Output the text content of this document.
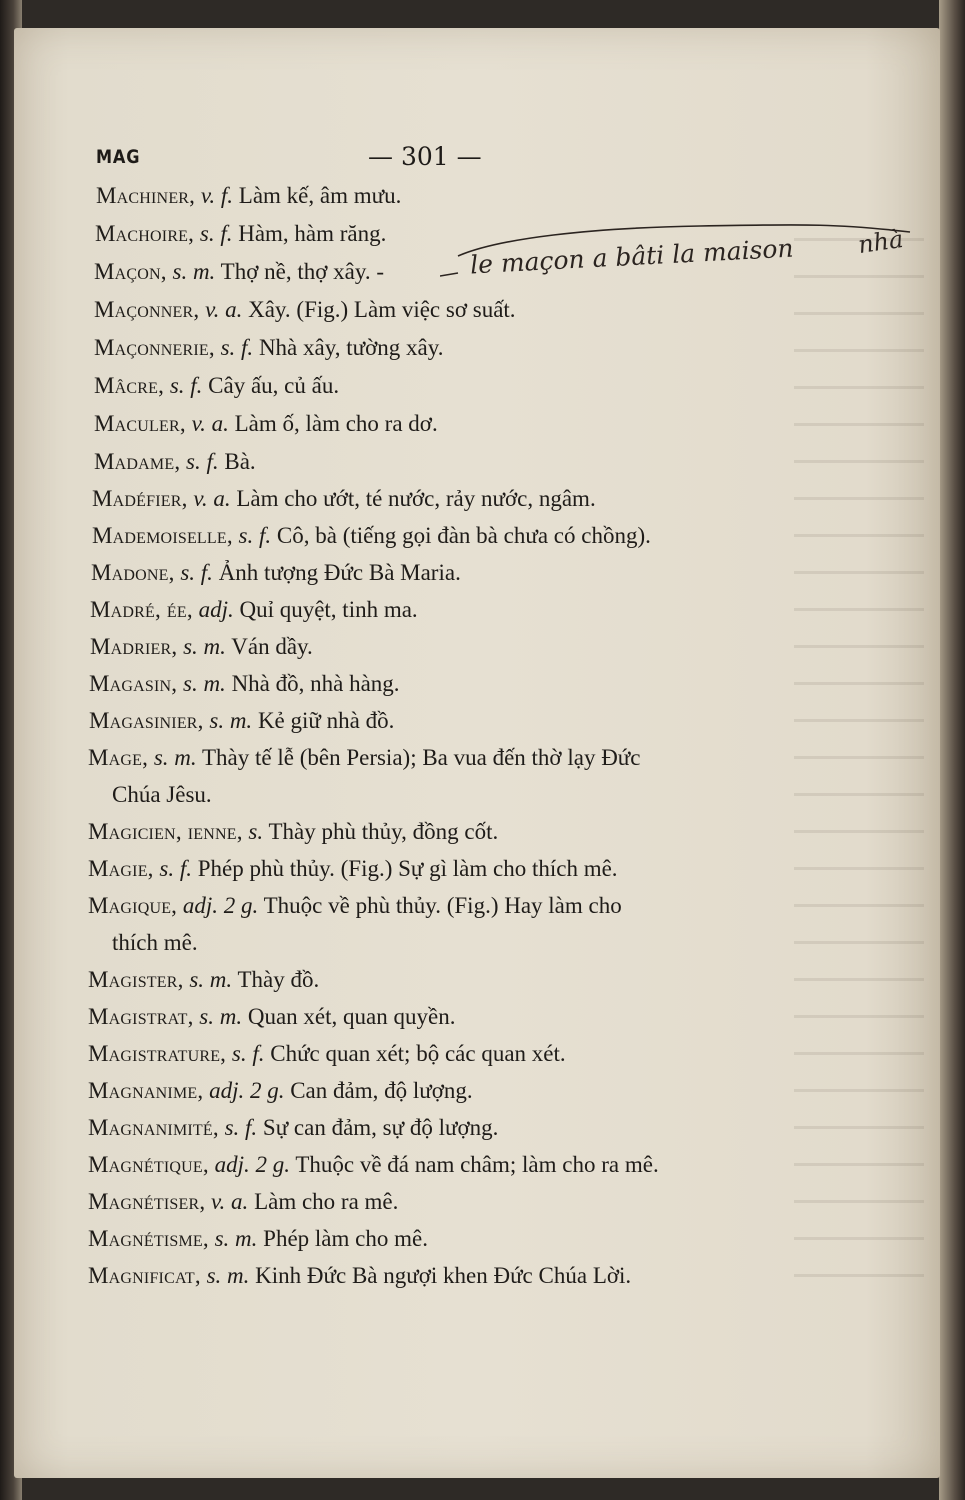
MAG	— 301 —
le maçon a bâti la maison	nhà
Machiner, v. f. Làm kế, âm mưu.
Machoire, s. f. Hàm, hàm răng.
Maçon, s. m. Thợ nề, thợ xây. -
Maçonner, v. a. Xây. (Fig.) Làm việc sơ suất.
Maçonnerie, s. f. Nhà xây, tường xây.
Mâcre, s. f. Cây ấu, củ ấu.
Maculer, v. a. Làm ố, làm cho ra dơ.
Madame, s. f. Bà.
Madéfier, v. a. Làm cho ướt, té nước, rảy nước, ngâm.
Mademoiselle, s. f. Cô, bà (tiếng gọi đàn bà chưa có chồng).
Madone, s. f. Ảnh tượng Đức Bà Maria.
Madré, ée, adj. Quỉ quyệt, tinh ma.
Madrier, s. m. Ván dầy.
Magasin, s. m. Nhà đồ, nhà hàng.
Magasinier, s. m. Kẻ giữ nhà đồ.
Mage, s. m. Thày tế lễ (bên Persia); Ba vua đến thờ lạy Đức
Chúa Jêsu.
Magicien, ienne, s. Thày phù thủy, đồng cốt.
Magie, s. f. Phép phù thủy. (Fig.) Sự gì làm cho thích mê.
Magique, adj. 2 g. Thuộc về phù thủy. (Fig.) Hay làm cho
thích mê.
Magister, s. m. Thày đồ.
Magistrat, s. m. Quan xét, quan quyền.
Magistrature, s. f. Chức quan xét; bộ các quan xét.
Magnanime, adj. 2 g. Can đảm, độ lượng.
Magnanimité, s. f. Sự can đảm, sự độ lượng.
Magnétique, adj. 2 g. Thuộc về đá nam châm; làm cho ra mê.
Magnétiser, v. a. Làm cho ra mê.
Magnétisme, s. m. Phép làm cho mê.
Magnificat, s. m. Kinh Đức Bà ngượi khen Đức Chúa Lời.
